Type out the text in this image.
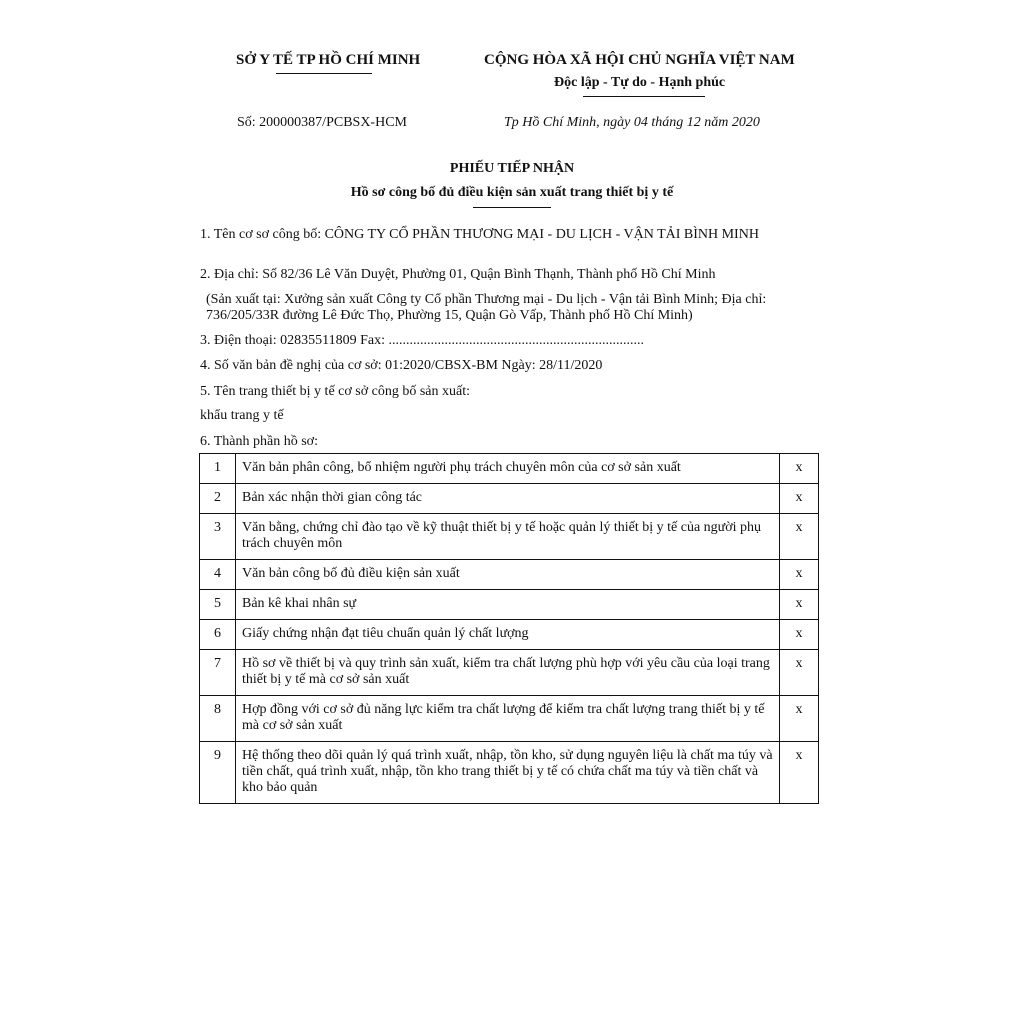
SỞ Y TẾ TP HỒ CHÍ MINH	CỘNG HÒA XÃ HỘI CHỦ NGHĨA VIỆT NAM
Độc lập - Tự do - Hạnh phúc
Số: 200000387/PCBSX-HCM	Tp Hồ Chí Minh, ngày 04 tháng 12 năm 2020
PHIẾU TIẾP NHẬN
Hồ sơ công bố đủ điều kiện sản xuất trang thiết bị y tế
1. Tên cơ sơ công bố: CÔNG TY CỔ PHẦN THƯƠNG MẠI - DU LỊCH - VẬN TẢI BÌNH MINH
2. Địa chỉ: Số 82/36 Lê Văn Duyệt, Phường 01, Quận Bình Thạnh, Thành phố Hồ Chí Minh
(Sản xuất tại: Xưởng sản xuất Công ty Cổ phần Thương mại - Du lịch - Vận tải Bình Minh; Địa chỉ: 736/205/33R đường Lê Đức Thọ, Phường 15, Quận Gò Vấp, Thành phố Hồ Chí Minh)
3. Điện thoại: 02835511809 Fax: .........................................................................
4. Số văn bản đề nghị của cơ sở: 01:2020/CBSX-BM Ngày: 28/11/2020
5. Tên trang thiết bị y tế cơ sở công bố sản xuất:
khẩu trang y tế
6. Thành phần hồ sơ:
1	Văn bản phân công, bổ nhiệm người phụ trách chuyên môn của cơ sở sản xuất	x
2	Bản xác nhận thời gian công tác	x
3	Văn bằng, chứng chỉ đào tạo về kỹ thuật thiết bị y tế hoặc quản lý thiết bị y tế của người phụ trách chuyên môn	x
4	Văn bản công bố đủ điều kiện sản xuất	x
5	Bản kê khai nhân sự	x
6	Giấy chứng nhận đạt tiêu chuẩn quản lý chất lượng	x
7	Hồ sơ về thiết bị và quy trình sản xuất, kiểm tra chất lượng phù hợp với yêu cầu của loại trang thiết bị y tế mà cơ sở sản xuất	x
8	Hợp đồng với cơ sở đủ năng lực kiểm tra chất lượng để kiểm tra chất lượng trang thiết bị y tế mà cơ sở sản xuất	x
9	Hệ thống theo dõi quản lý quá trình xuất, nhập, tồn kho, sử dụng nguyên liệu là chất ma túy và tiền chất, quá trình xuất, nhập, tồn kho trang thiết bị y tế có chứa chất ma túy và tiền chất và kho bảo quản	x
